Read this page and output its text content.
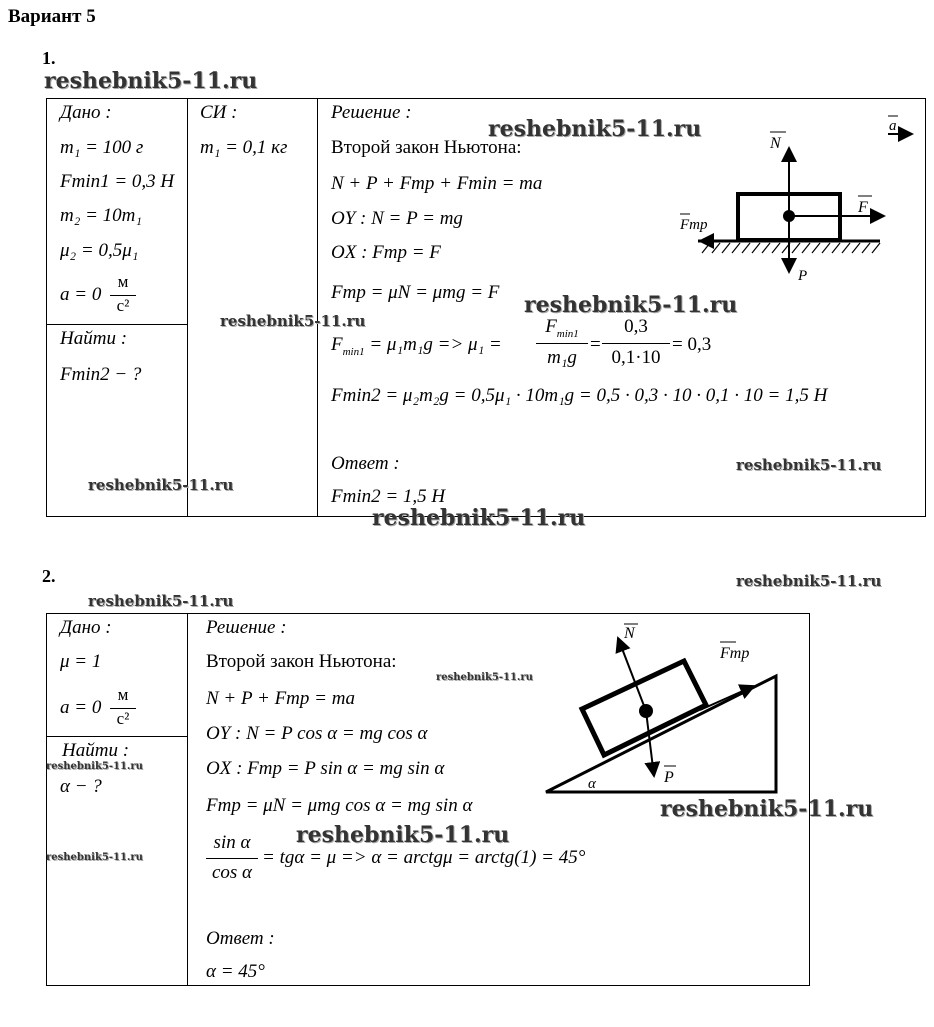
Вариант 5
1.
reshebnik5-11.ru
Дано :
m₁ = 100 г
Fmin1 = 0,3 Н
m₂ = 10m₁
μ₂ = 0,5μ₁
a = 0
м
с²
Найти :
Fmin2 − ?
reshebnik5-11.ru
СИ :
m₁ = 0,1 кг
reshebnik5-11.ru
Решение :
reshebnik5-11.ru
Второй закон Ньютона:
N + P + Fтр + Fmin = ma
OY : N = P = mg
OX : Fтр = F
Fтр = μN = μmg = F reshebnik5-11.ru
$F_{min1} = \mu_1m_1g => \mu_1$ =
$F_{min1}$
m₁g
=
0,3
0,1·10
= 0,3
Fmin2 = μ₂m₂g = 0,5μ₁ · 10m₁g = 0,5 · 0,3 · 10 · 0,1 · 10 = 1,5 Н
Ответ :	reshebnik5-11.ru
Fmin2 = 1,5 Н
reshebnik5-11.ru
N
F
Fтр
P
a
2.	reshebnik5-11.ru
reshebnik5-11.ru
Дано :
μ = 1
a = 0
м
с²
Найти :
reshebnik5-11.ru
α − ?
reshebnik5-11.ru
Решение :
Второй закон Ньютона:
reshebnik5-11.ru
N + P + Fтр = ma
OY : N = P cos α = mg cos α
OX : Fтр = P sin α = mg sin α
Fтр = μN = μmg cos α = mg sin α
reshebnik5-11.ru
sin α
cos α
= tgα = μ => α = arctgμ = arctg(1) = 45°
Ответ :
α = 45°
N
Fтр
P
α
reshebnik5-11.ru
